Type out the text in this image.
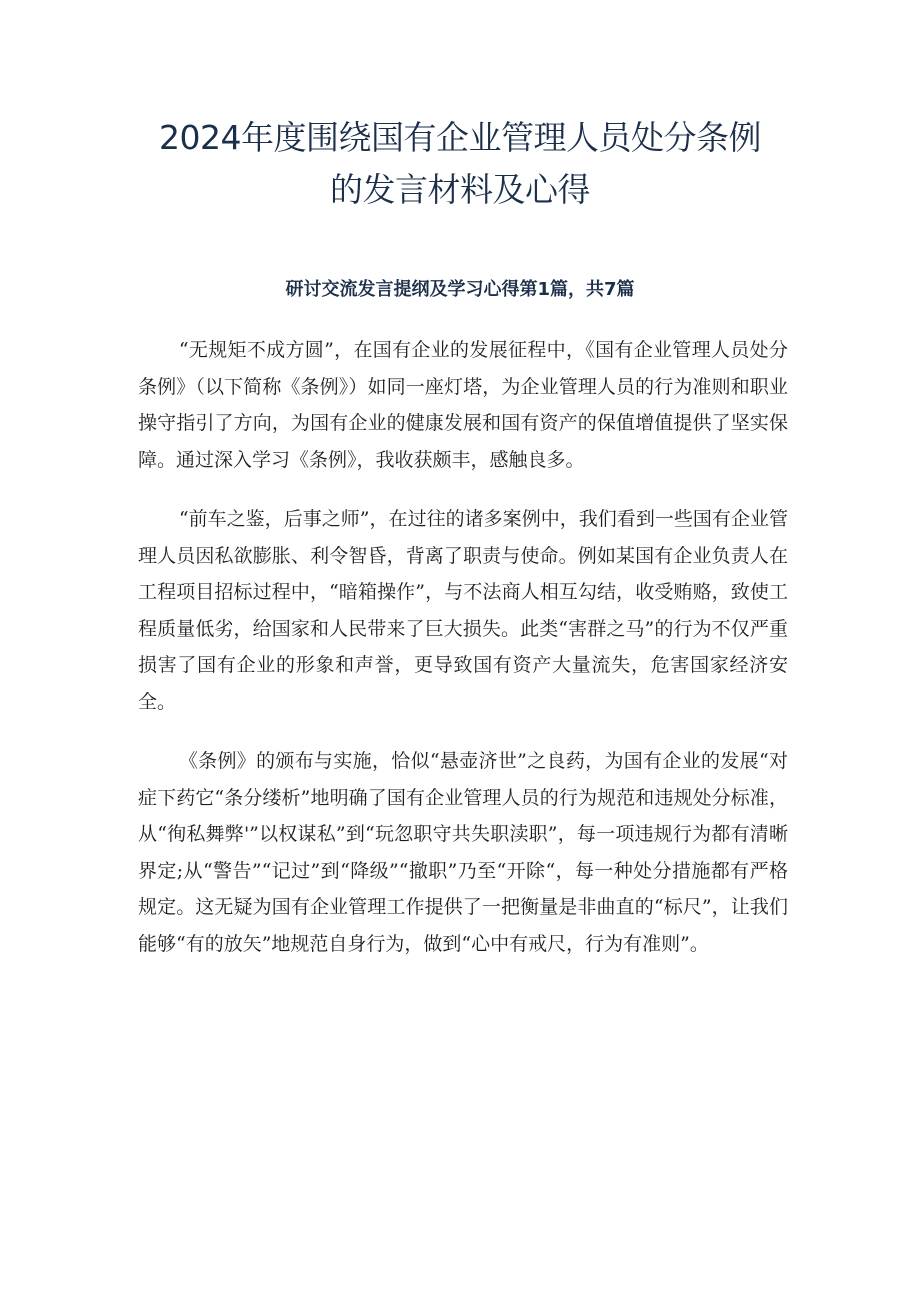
2024年度围绕国有企业管理人员处分条例
的发言材料及心得
研讨交流发言提纲及学习心得第1篇，共7篇

“无规矩不成方圆”，在国有企业的发展征程中，《国有企业管理人员处分条例》（以下简称《条例》）如同一座灯塔，为企业管理人员的行为准则和职业操守指引了方向，为国有企业的健康发展和国有资产的保值增值提供了坚实保障。通过深入学习《条例》，我收获颇丰，感触良多。

“前车之鉴，后事之师”，在过往的诸多案例中，我们看到一些国有企业管理人员因私欲膨胀、利令智昏，背离了职责与使命。例如某国有企业负责人在工程项目招标过程中，“暗箱操作”，与不法商人相互勾结，收受贿赂，致使工程质量低劣，给国家和人民带来了巨大损失。此类“害群之马”的行为不仅严重损害了国有企业的形象和声誉，更导致国有资产大量流失，危害国家经济安全。

《条例》的颁布与实施，恰似“悬壶济世”之良药，为国有企业的发展“对症下药它“条分缕析”地明确了国有企业管理人员的行为规范和违规处分标准，从“徇私舞弊'”以权谋私”到“玩忽职守共失职渎职”，每一项违规行为都有清晰界定;从“警告”“记过”到“降级”“撤职”乃至“开除“，每一种处分措施都有严格规定。这无疑为国有企业管理工作提供了一把衡量是非曲直的“标尺”，让我们能够“有的放矢”地规范自身行为，做到“心中有戒尺，行为有准则”。
